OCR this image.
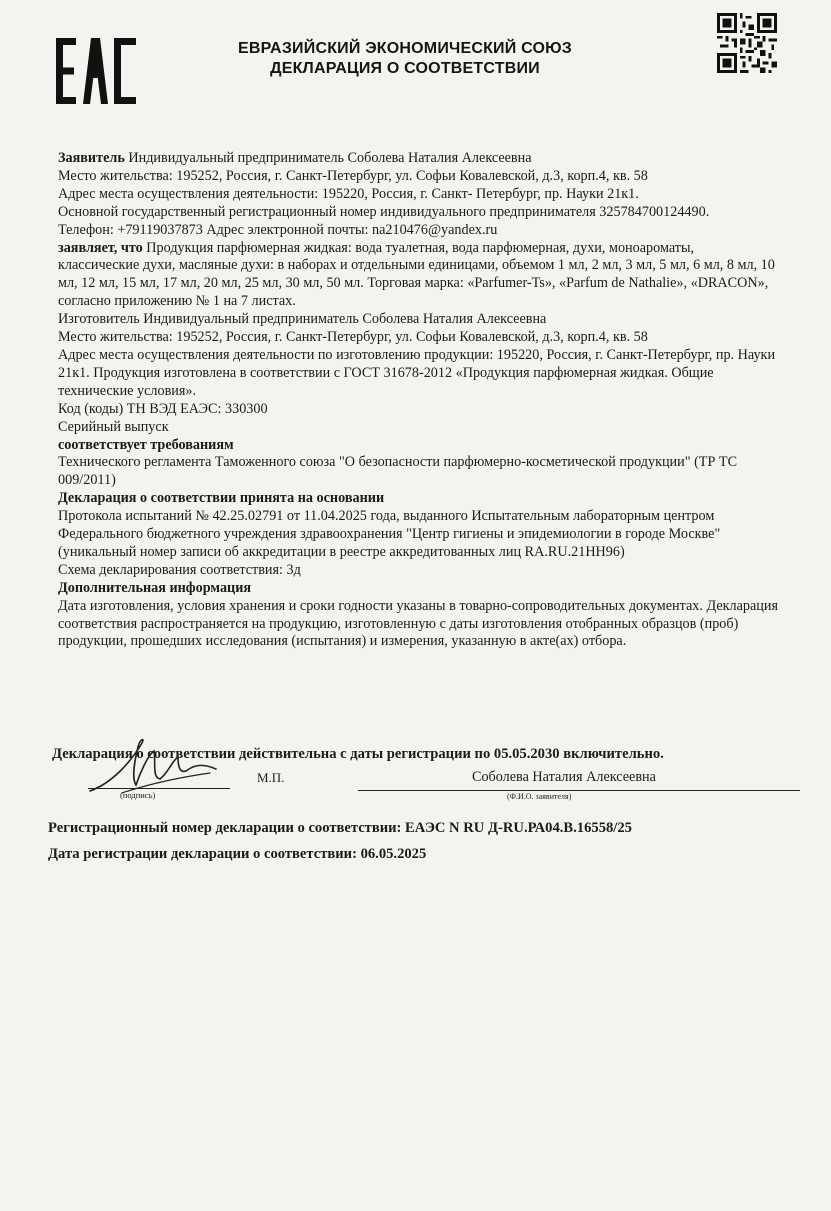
ЕВРАЗИЙСКИЙ ЭКОНОМИЧЕСКИЙ СОЮЗ
ДЕКЛАРАЦИЯ О СООТВЕТСТВИИ

Заявитель Индивидуальный предприниматель Соболева Наталия Алексеевна

Место жительства: 195252, Россия, г. Санкт-Петербург, ул. Софьи Ковалевской, д.3, корп.4, кв. 58

Адрес места осуществления деятельности: 195220, Россия, г. Санкт- Петербург, пр. Науки 21к1.

Основной государственный регистрационный номер индивидуального предпринимателя 325784700124490.

Телефон: +79119037873 Адрес электронной почты: na210476@yandex.ru

заявляет, что Продукция парфюмерная жидкая: вода туалетная, вода парфюмерная, духи, моноароматы, классические духи, масляные духи: в наборах и отдельными единицами, объемом 1 мл, 2 мл, 3 мл, 5 мл, 6 мл, 8 мл, 10 мл, 12 мл, 15 мл, 17 мл, 20 мл, 25 мл, 30 мл, 50 мл. Торговая марка: «Parfumer-Ts», «Parfum de Nathalie», «DRACON», согласно приложению № 1 на 7 листах.

Изготовитель Индивидуальный предприниматель Соболева Наталия Алексеевна

Место жительства: 195252, Россия, г. Санкт-Петербург, ул. Софьи Ковалевской, д.3, корп.4, кв. 58

Адрес места осуществления деятельности по изготовлению продукции: 195220, Россия, г. Санкт-Петербург, пр. Науки 21к1. Продукция изготовлена в соответствии с ГОСТ 31678-2012 «Продукция парфюмерная жидкая. Общие технические условия».

Код (коды) ТН ВЭД ЕАЭС: 330300

Серийный выпуск

соответствует требованиям

Технического регламента Таможенного союза "О безопасности парфюмерно-косметической продукции" (ТР ТС 009/2011)

Декларация о соответствии принята на основании

Протокола испытаний № 42.25.02791 от 11.04.2025 года, выданного Испытательным лабораторным центром Федерального бюджетного учреждения здравоохранения "Центр гигиены и эпидемиологии в городе Москве" (уникальный номер записи об аккредитации в реестре аккредитованных лиц RA.RU.21НН96)

Схема декларирования соответствия: 3д

Дополнительная информация

Дата изготовления, условия хранения и сроки годности указаны в товарно-сопроводительных документах. Декларация соответствия распространяется на продукцию, изготовленную с даты изготовления отобранных образцов (проб) продукции, прошедших исследования (испытания) и измерения, указанную в акте(ах) отбора.

Декларация о соответствии действительна с даты регистрации по 05.05.2030 включительно.
(подпись)
М.П.	Соболева Наталия Алексеевна
(Ф.И.О. заявителя)
Регистрационный номер декларации о соответствии: ЕАЭС N RU Д-RU.РА04.В.16558/25
Дата регистрации декларации о соответствии: 06.05.2025
